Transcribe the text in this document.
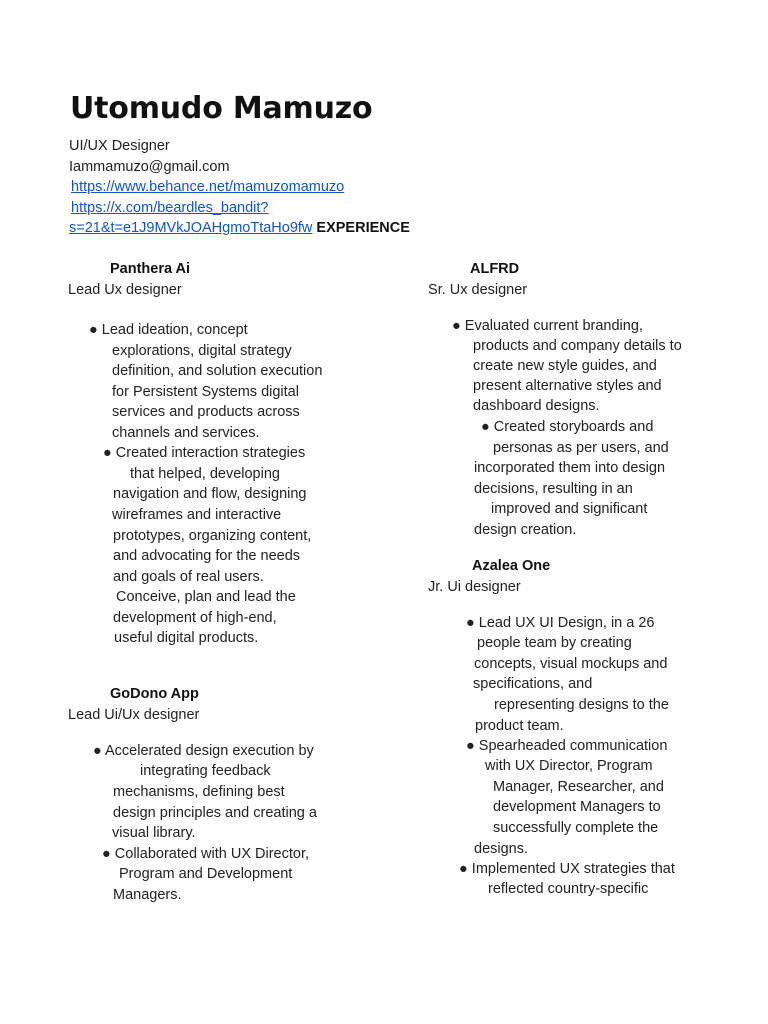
Utomudo Mamuzo
UI/UX Designer
Iammamuzo@gmail.com
https://www.behance.net/mamuzomamuzo
https://x.com/beardles_bandit?
s=21&t=e1J9MVkJOAHgmoTtaHo9fw EXPERIENCE
Panthera Ai
Lead Ux designer
● Lead ideation, concept
explorations, digital strategy
definition, and solution execution
for Persistent Systems digital
services and products across
channels and services.
● Created interaction strategies
that helped, developing
navigation and flow, designing
wireframes and interactive
prototypes, organizing content,
and advocating for the needs
and goals of real users.
Conceive, plan and lead the
development of high-end,
useful digital products.
GoDono App
Lead Ui/Ux designer
● Accelerated design execution by
integrating feedback
mechanisms, defining best
design principles and creating a
visual library.
● Collaborated with UX Director,
Program and Development
Managers.
ALFRD
Sr. Ux designer
● Evaluated current branding,
products and company details to
create new style guides, and
present alternative styles and
dashboard designs.
● Created storyboards and
personas as per users, and
incorporated them into design
decisions, resulting in an
improved and significant
design creation.
Azalea One
Jr. Ui designer
● Lead UX UI Design, in a 26
people team by creating
concepts, visual mockups and
specifications, and
representing designs to the
product team.
● Spearheaded communication
with UX Director, Program
Manager, Researcher, and
development Managers to
successfully complete the
designs.
● Implemented UX strategies that
reflected country-specific
